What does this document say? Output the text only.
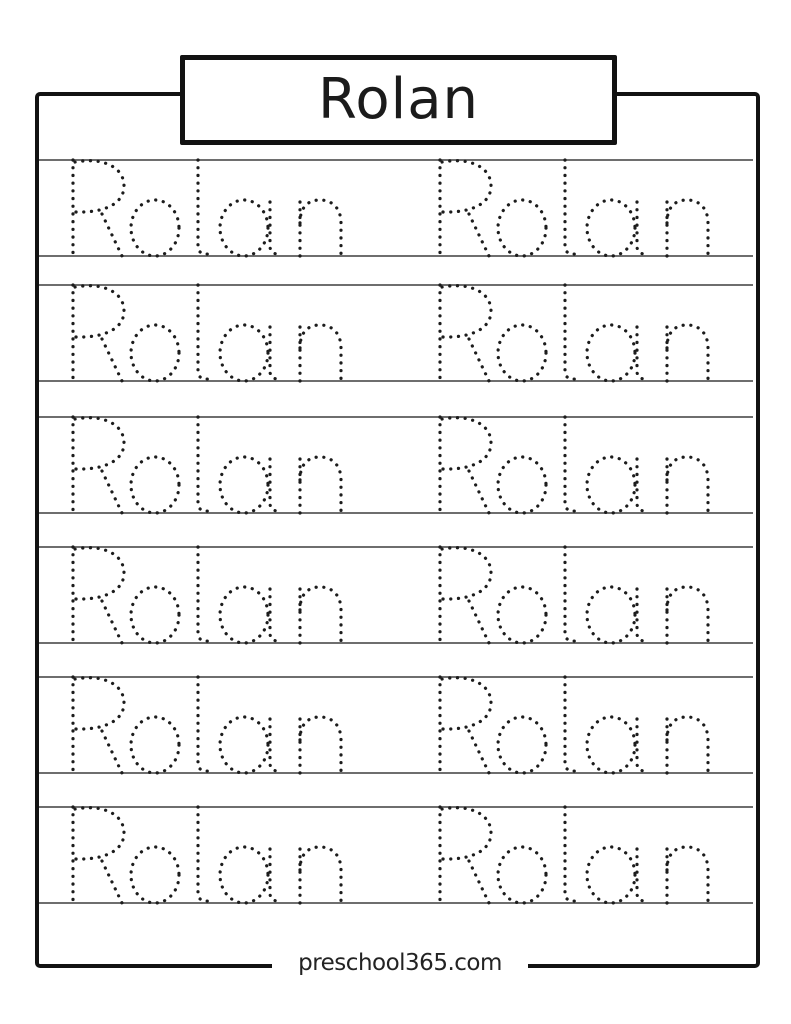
Rolan
preschool365.com
